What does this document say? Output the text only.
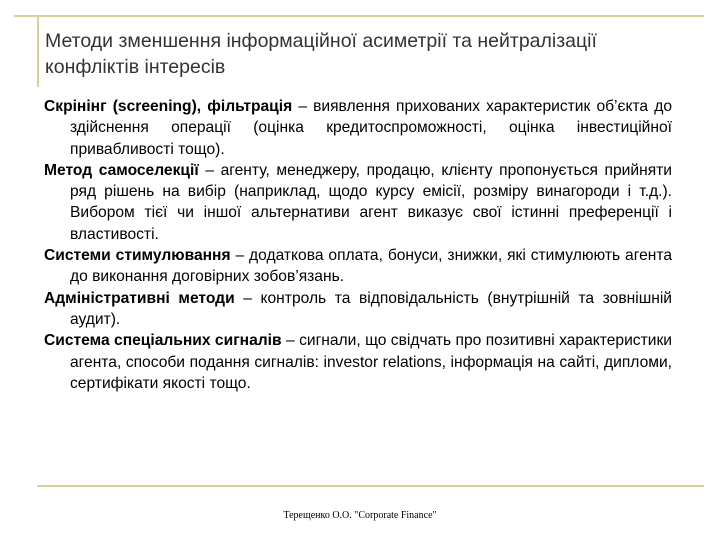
Методи зменшення інформаційної асиметрії та нейтралізації конфліктів інтересів

Скрінінг (screening), фільтрація – виявлення прихованих характеристик об’єкта до здійснення операції (оцінка кредитоспроможності, оцінка інвестиційної привабливості тощо).

Метод самоселекції – агенту, менеджеру, продацю, клієнту пропонується прийняти ряд рішень на вибір (наприклад, щодо курсу емісії, розміру винагороди і т.д.). Вибором тієї чи іншої альтернативи агент виказує свої істинні преференції і властивості.

Системи стимулювання – додаткова оплата, бонуси, знижки, які стимулюють агента до виконання договірних зобов’язань.

Адміністративні методи – контроль та відповідальність (внутрішній та зовнішній аудит).

Система спеціальних сигналів – сигнали, що свідчать про позитивні характеристики агента, способи подання сигналів: investor relations, інформація на сайті, дипломи, сертифікати якості тощо.

Терещенко О.О. "Corporate Finance"
